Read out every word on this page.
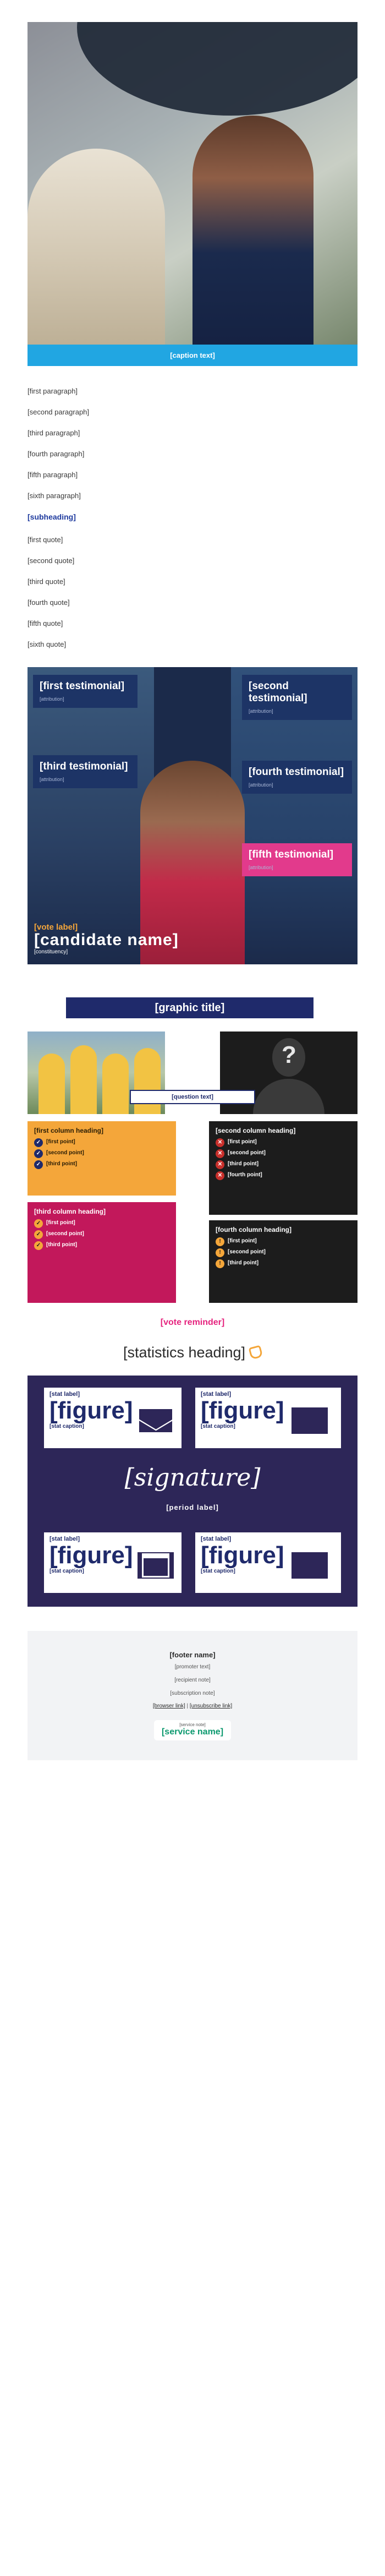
[caption text]

[first paragraph]

[second paragraph]

[third paragraph]

[fourth paragraph]

[fifth paragraph]

[sixth paragraph]

[subheading]

[first quote]

[second quote]

[third quote]

[fourth quote]

[fifth quote]

[sixth quote]

[first testimonial]
[attribution]
[second testimonial]
[attribution]
[third testimonial]
[attribution]
[fourth testimonial]
[attribution]
[fifth testimonial]
[attribution]
[vote label]
[candidate name]
[constituency]
[graphic title]
?
[question text]
[first column heading]
✓ [first point]
✓ [second point]
✓ [third point]
[second column heading]
✕ [first point]
✕ [second point]
✕ [third point]
✕ [fourth point]
[third column heading]
✓ [first point]
✓ [second point]
✓ [third point]
[fourth column heading]
!	[first point]
!	[second point]
!	[third point]
[vote reminder]
[statistics heading]
[stat label]
[figure]
[stat caption]
[stat label]
[figure]
[stat caption]
[signature]
[period label]
[stat label]
[figure]
[stat caption]
[stat label]
[figure]
[stat caption]
[footer name]
[promoter text]
[recipient note]
[subscription note]
[browser link] | [unsubscribe link]
[service note]
[service name]
